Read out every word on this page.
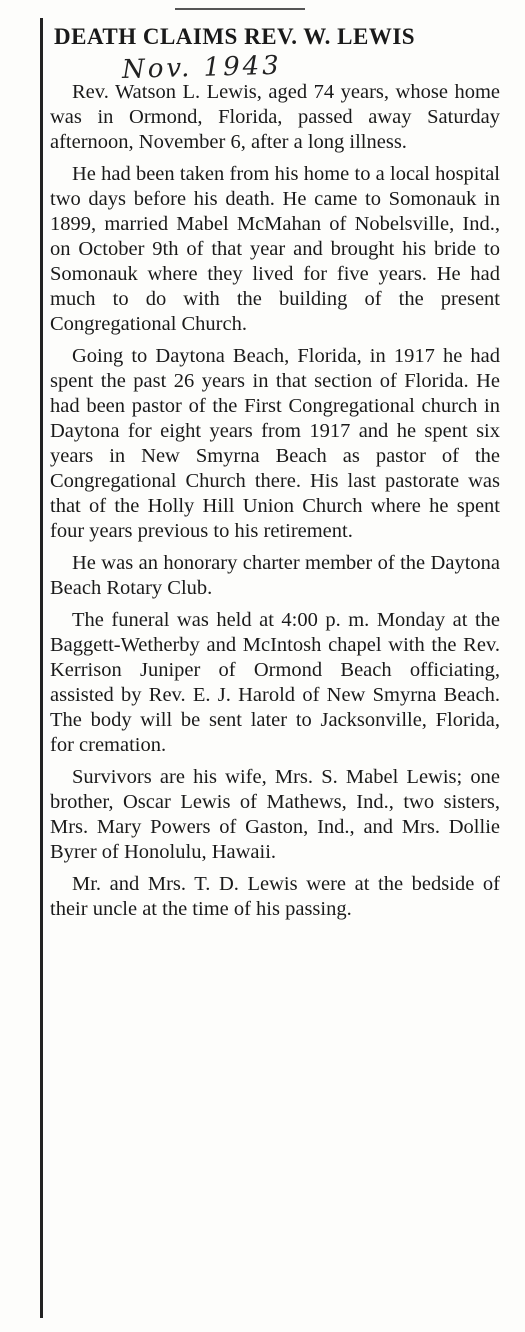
DEATH CLAIMS REV. W. LEWIS
Nov. 1943

Rev. Watson L. Lewis, aged 74 years, whose home was in Ormond, Florida, passed away Saturday afternoon, November 6, after a long illness.

He had been taken from his home to a local hospital two days before his death. He came to Somonauk in 1899, married Mabel McMahan of Nobelsville, Ind., on October 9th of that year and brought his bride to Somonauk where they lived for five years. He had much to do with the building of the present Congregational Church.

Going to Daytona Beach, Florida, in 1917 he had spent the past 26 years in that section of Florida. He had been pastor of the First Congregational church in Daytona for eight years from 1917 and he spent six years in New Smyrna Beach as pastor of the Congregational Church there. His last pastorate was that of the Holly Hill Union Church where he spent four years previous to his retirement.

He was an honorary charter member of the Daytona Beach Rotary Club.

The funeral was held at 4:00 p. m. Monday at the Baggett-Wetherby and McIntosh chapel with the Rev. Kerrison Juniper of Ormond Beach officiating, assisted by Rev. E. J. Harold of New Smyrna Beach. The body will be sent later to Jacksonville, Florida, for cremation.

Survivors are his wife, Mrs. S. Mabel Lewis; one brother, Oscar Lewis of Mathews, Ind., two sisters, Mrs. Mary Powers of Gaston, Ind., and Mrs. Dollie Byrer of Honolulu, Hawaii.

Mr. and Mrs. T. D. Lewis were at the bedside of their uncle at the time of his passing.
